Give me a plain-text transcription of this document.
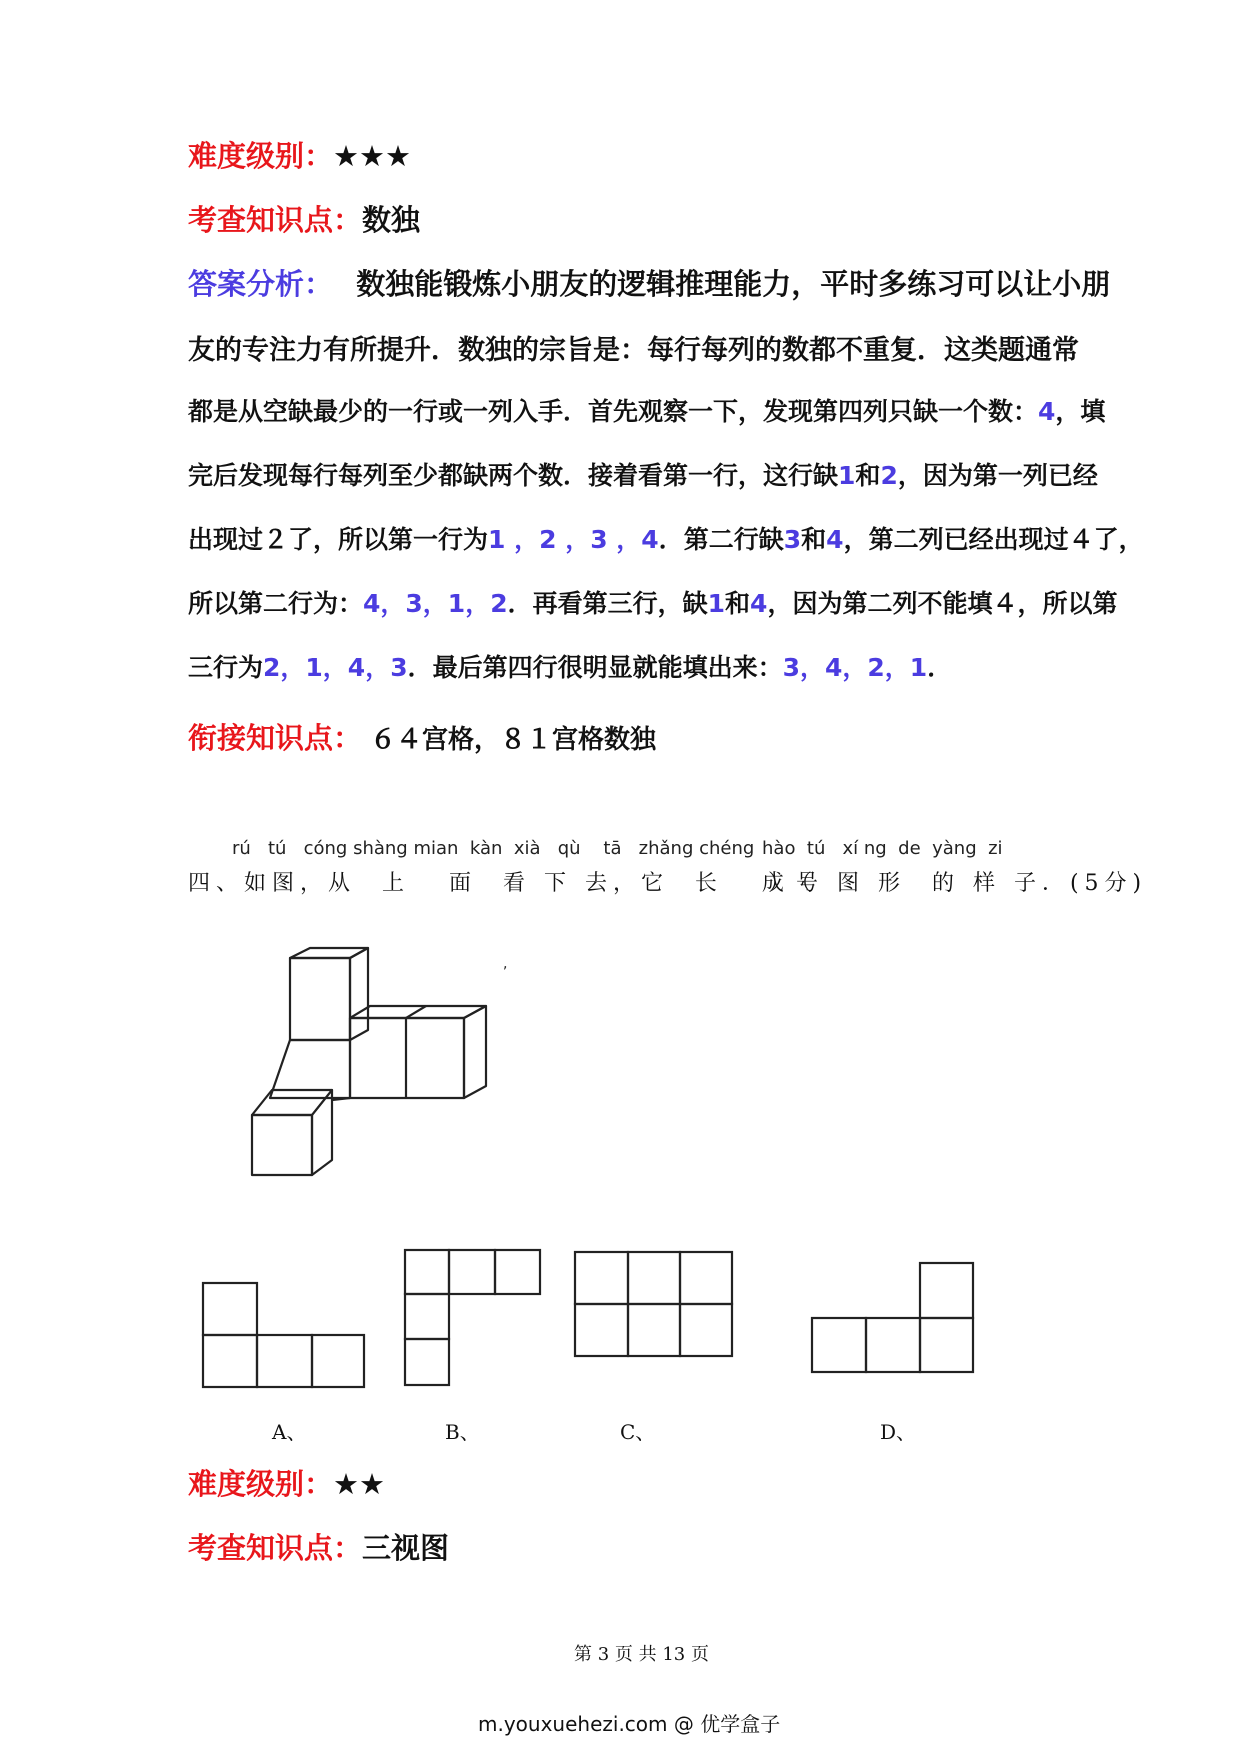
难度级别：★★★
考查知识点：数独
答案分析： 数独能锻炼小朋友的逻辑推理能力，平时多练习可以让小朋
友的专注力有所提升．数独的宗旨是：每行每列的数都不重复．这类题通常
都是从空缺最少的一行或一列入手．首先观察一下，发现第四列只缺一个数：4，填
完后发现每行每列至少都缺两个数．接着看第一行，这行缺1和2，因为第一列已经
出现过２了，所以第一行为1 ，2 ，3 ，4．第二行缺3和4，第二列已经出现过４了，
所以第二行为：4，3，1，2．再看第三行，缺1和4，因为第二列不能填４，所以第
三行为2，1，4，3．最后第四行很明显就能填出来：3，4，2，1．
衔接知识点： ６４宫格，８１宫格数独
rú   tú   cóng shàng mian  kàn  xià   qù    tā   zhǎng chéng hào  tú   xí ng  de  yàng  zi
四、如图，从  上   面  看 下 去，它  长   成（
）号 图 形  的 样 子．(5分)
,
A、	B、	C、	D、
难度级别：★★
考查知识点：三视图
第 3 页 共 13 页
m.youxuehezi.com @ 优学盒子
